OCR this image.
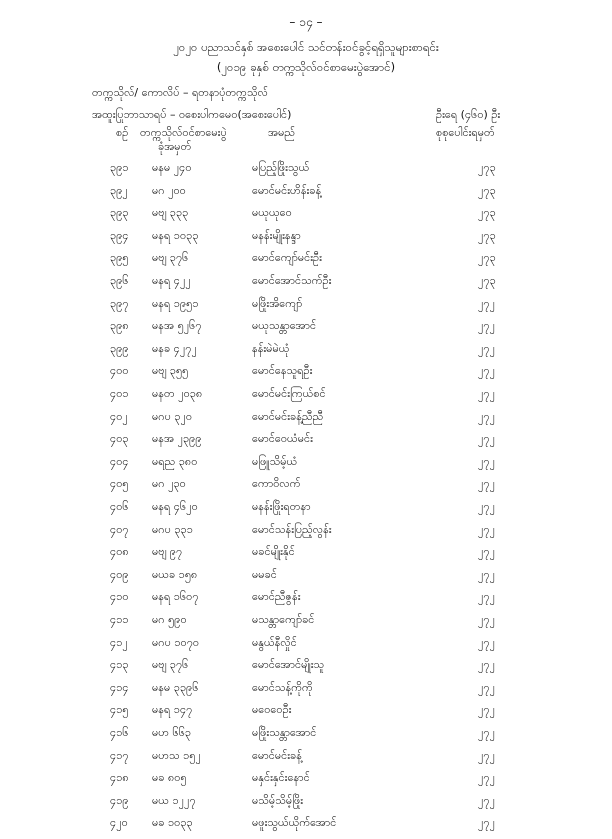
– ၁၄ –
၂၀၂၀ ပညာသင်နှစ် အစေးပေါင် သင်တန်းဝင်ခွင့်ရရှိသူများစာရင်း
(၂၀၁၉ ခုနှစ် တက္ကသိုလ်ဝင်စာမေးပွဲအောင်)
တက္ကသိုလ်/ ကောလိပ် – ရတနာပုံတက္ကသိုလ်
အထူးပြုဘာသာရပ် – ဝစေးပါကမေဝ(အစေးပေါင်)	ဦးရေ (၄၆၀) ဦး
စဉ် တက္ကသိုလ်ဝင်စာမေးပွဲ
ခုံအမှတ်
အမည်	စုစုပေါင်းရမှတ်
၃၉၁ မနမ ၂၄၀	မပြည့်ဖြိုးသွယ်	၂၇၃
၃၉၂ မဂ ၂၀၀	မောင်မင်းဟိန်းခန့်	၂၇၃
၃၉၃ မဗျ ၃၃၃	မယုယုဝေ	၂၇၃
၃၉၄ မနရ ၁၀၃၃	မနန်းမျိုးနန္ဒာ	၂၇၃
၃၉၅ မဗျ ၃၇၆	မောင်ကျော်မင်းဦး	၂၇၃
၃၉၆ မနရ ၄၂၂	မောင်အောင်သက်ဦး	၂၇၃
၃၉၇ မနရ ၁၉၅၁	မဖြိုးအိကျော်	၂၇၂
၃၉၈ မနအ ၅၂၆၇	မယုသန္တာအောင်	၂၇၂
၃၉၉ မနခ ၄၂၇၂	နန်းမဲမဲယုံ	၂၇၂
၄၀၀ မဗျ ၃၅၅	မောင်နေသူရဦး	၂၇၂
၄၀၁ မနတ ၂၀၃၈	မောင်မင်းကြယ်စင်	၂၇၂
၄၀၂ မဂပ ၃၂၀	မောင်မင်းခန့်ညီညီ	၂၇၂
၄၀၃ မနအ ၂၃၉၉	မောင်ဝေယံမင်း	၂၇၂
၄၀၄ မရည ၃၈၀	မဖြူသိမ့်ယံ	၂၇၂
၄၀၅ မဂ ၂၃၀	ကောဝိလက်	၂၇၂
၄၀၆ မနရ ၄၆၂၀	မနန်းဖြိုးရတနာ	၂၇၂
၄၀၇ မဂပ ၃၃၁	မောင်သန်းပြည့်လွန်း	၂၇၂
၄၀၈ မဗျ ၉၇	မခင်မျိုးနိုင်	၂၇၂
၄၀၉ မယခ ၁၅၈	မမခင်	၂၇၂
၄၁၀ မနရ ၁၆၀၇	မောင်ညီဇွန်း	၂၇၂
၄၁၁ မဂ ၅၉၀	မသန္တာကျော်ခင်	၂၇၂
၄၁၂ မဂပ ၁၀၇၀	မနွယ်နီလှိုင်	၂၇၂
၄၁၃ မဗျ ၃၇၆	မောင်အောင်မျိုးသူ	၂၇၂
၄၁၄ မနမ ၃၃၉၆	မောင်သန့်ကိုကို	၂၇၂
၄၁၅ မနရ ၁၄၇	မဝေဝေဦး	၂၇၂
၄၁၆ မဟ ၆၆၃	မဖြိုးသန္တာအောင်	၂၇၂
၄၁၇ မဟသ ၁၅၂	မောင်မင်းခန့်	၂၇၂
၄၁၈ မခ ၈၀၅	မနှင်းနှင်းနောင်	၂၇၂
၄၁၉ မယ ၁၂၂၇	မသိမ့်သိမ့်ဖြိုး	၂၇၂
၄၂၀ မခ ၁၀၃၃	မဖူးသွယ်ယိုက်အောင်	၂၇၂
